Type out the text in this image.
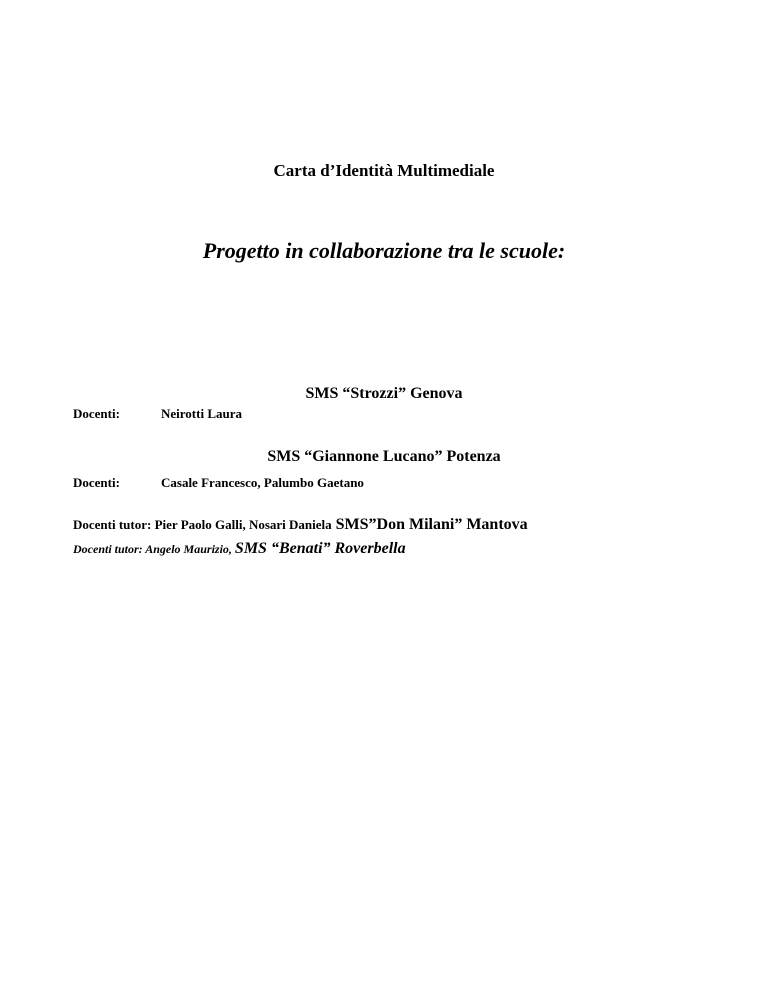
Carta d’Identità Multimediale
Progetto in collaborazione tra le scuole:
SMS “Strozzi” Genova
Docenti:	Neirotti Laura
SMS “Giannone Lucano” Potenza
Docenti:	Casale Francesco, Palumbo Gaetano
Docenti tutor: Pier Paolo Galli, Nosari Daniela SMS”Don Milani” Mantova
Docenti tutor: Angelo Maurizio, SMS “Benati” Roverbella
